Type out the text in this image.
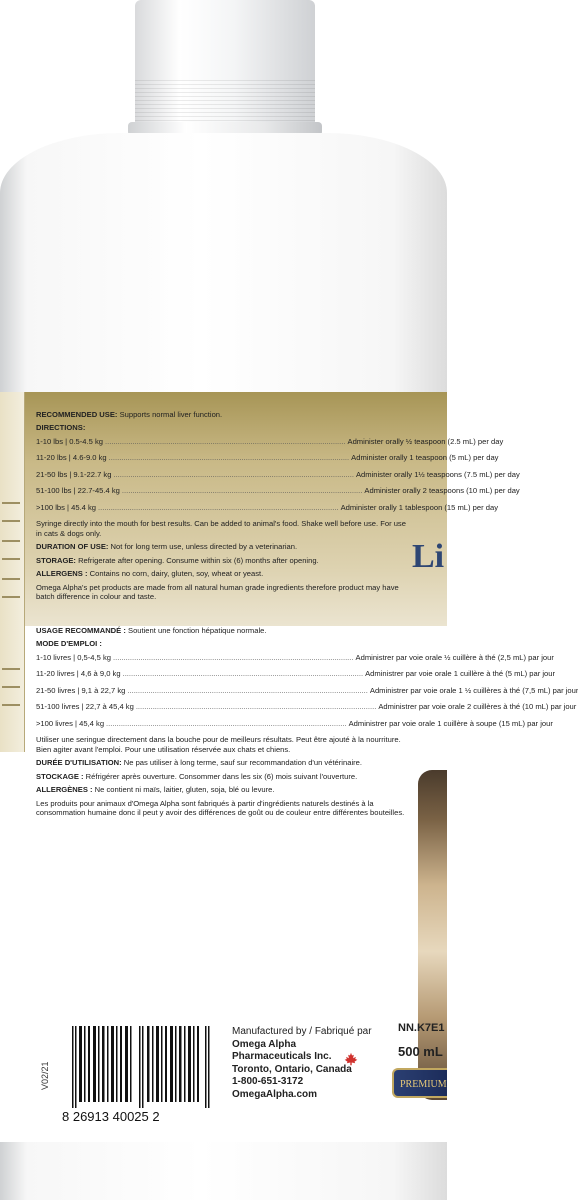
Li

RECOMMENDED USE: Supports normal liver function.

DIRECTIONS:

1-10 lbs | 0.5-4.5 kg .................................................................................................................. Administer orally ½ teaspoon (2.5 mL) per day
11-20 lbs | 4.6-9.0 kg .................................................................................................................. Administer orally 1 teaspoon (5 mL) per day
21-50 lbs | 9.1-22.7 kg .................................................................................................................. Administer orally 1½ teaspoons (7.5 mL) per day
51-100 lbs | 22.7-45.4 kg .................................................................................................................. Administer orally 2 teaspoons (10 mL) per day
>100 lbs | 45.4 kg .................................................................................................................. Administer orally 1 tablespoon (15 mL) per day

Syringe directly into the mouth for best results. Can be added to animal's food. Shake well before use. For use in cats & dogs only.

DURATION OF USE: Not for long term use, unless directed by a veterinarian.

STORAGE: Refrigerate after opening. Consume within six (6) months after opening.

ALLERGENS : Contains no corn, dairy, gluten, soy, wheat or yeast.

Omega Alpha's pet products are made from all natural human grade ingredients therefore product may have batch difference in colour and taste.

USAGE RECOMMANDÉ : Soutient une fonction hépatique normale.

MODE D'EMPLOI :

1-10 livres | 0,5-4,5 kg .................................................................................................................. Administrer par voie orale ½ cuillère à thé (2,5 mL) par jour
11-20 livres | 4,6 à 9,0 kg .................................................................................................................. Administrer par voie orale 1 cuillère à thé (5 mL) par jour
21-50 livres | 9,1 à 22,7 kg .................................................................................................................. Administrer par voie orale 1 ½ cuillères à thé (7,5 mL) par jour
51-100 livres | 22,7 à 45,4 kg .................................................................................................................. Administrer par voie orale 2 cuillères à thé (10 mL) par jour
>100 livres | 45,4 kg .................................................................................................................. Administrer par voie orale 1 cuillère à soupe (15 mL) par jour

Utiliser une seringue directement dans la bouche pour de meilleurs résultats. Peut être ajouté à la nourriture. Bien agiter avant l'emploi. Pour une utilisation réservée aux chats et chiens.

DURÉE D'UTILISATION: Ne pas utiliser à long terme, sauf sur recommandation d'un vétérinaire.

STOCKAGE : Réfrigérer après ouverture. Consommer dans les six (6) mois suivant l'ouverture.

ALLERGÈNES : Ne contient ni maïs, laitier, gluten, soja, blé ou levure.

Les produits pour animaux d'Omega Alpha sont fabriqués à partir d'ingrédients naturels destinés à la consommation humaine donc il peut y avoir des différences de goût ou de couleur entre différentes bouteilles.

V02/21
8 26913 40025 2
Manufactured by / Fabriqué par
Omega Alpha
Pharmaceuticals Inc.
Toronto, Ontario, Canada
1-800-651-3172
OmegaAlpha.com
NN.K7E1
500 mL
PREMIUM
